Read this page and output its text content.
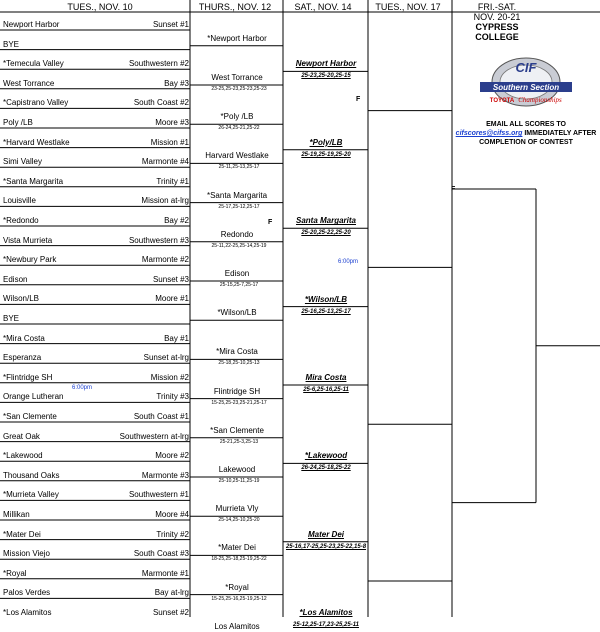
TUES., NOV. 10	THURS., NOV. 12	SAT., NOV. 14	TUES., NOV. 17	FRI.-SAT.
NOV. 20-21
CYPRESS
COLLEGE
CIF
Southern Section
TOYOTA Championships
EMAIL ALL SCORES TO cifscores@cifss.org IMMEDIATELY AFTER COMPLETION OF CONTEST
Newport Harbor	Sunset #1
BYE
*Temecula Valley	Southwestern #2
West Torrance	Bay #3
*Capistrano Valley	South Coast #2
Poly /LB	Moore #3
*Harvard Westlake	Mission #1
Simi Valley	Marmonte #4
*Santa Margarita	Trinity #1
Louisville	Mission at-lrg
*Redondo	Bay #2
Vista Murrieta	Southwestern #3
*Newbury Park	Marmonte #2
Edison	Sunset #3
Wilson/LB	Moore #1
BYE
*Mira Costa	Bay #1
Esperanza	Sunset at-lrg
*Flintridge SH	Mission #2
Orange Lutheran	Trinity #3
*San Clemente	South Coast #1
Great Oak	Southwestern at-lrg
*Lakewood	Moore #2
Thousand Oaks	Marmonte #3
*Murrieta Valley	Southwestern #1
Millikan	Moore #4
*Mater Dei	Trinity #2
Mission Viejo	South Coast #3
*Royal	Marmonte #1
Palos Verdes	Bay at-lrg
*Los Alamitos	Sunset #2
6:00pm
*Newport Harbor
West Torrance
23-25,25-23,25-23,25-23
*Poly /LB
26-24,25-21,25-22
Harvard Westlake
25-11,25-13,25-17
*Santa Margarita
25-17,25-12,25-17
Redondo
25-11,22-25,25-14,25-19
Edison
25-15,25-7,25-17
*Wilson/LB
*Mira Costa
25-18,25-10,25-13
Flintridge SH
15-25,25-23,25-21,25-17
*San Clemente
25-21,25-3,25-13
Lakewood
25-10,25-11,25-19
Murrieta Vly
25-14,25-10,25-20
*Mater Dei
18-25,25-18,25-19,25-22
*Royal
15-25,25-16,25-19,25-12
Los Alamitos
Newport Harbor
25-23,25-20,25-15
*Poly/LB
25-19,25-19,25-20
Santa Margarita
25-20,25-22,25-20
*Wilson/LB
25-16,25-13,25-17
Mira Costa
25-6,25-16,25-11
*Lakewood
26-24,25-18,25-22
Mater Dei
25-16,17-25,25-23,25-22,15-8
*Los Alamitos
25-12,25-17,23-25,25-11
6:00pm
F
F
F
